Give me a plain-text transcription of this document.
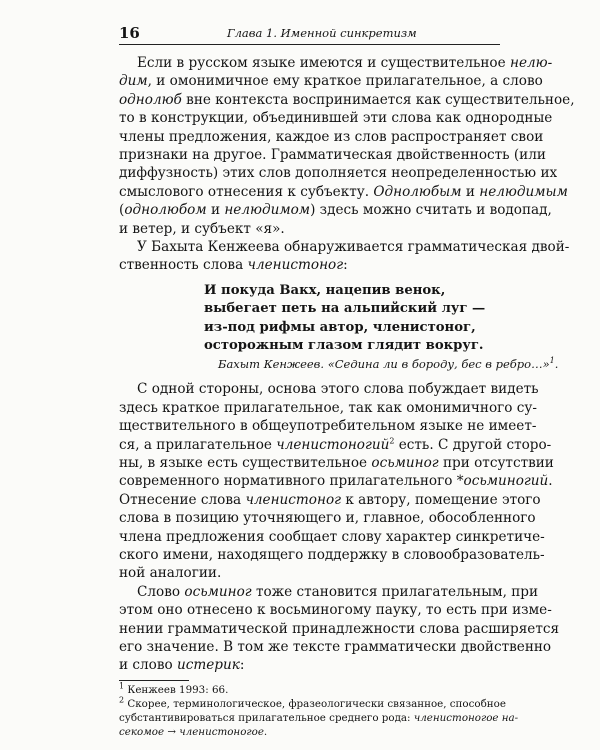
16	Глава 1. Именной синкретизм
Если в русском языке имеются и существительное нелю-
дим, и омонимичное ему краткое прилагательное, а слово
однолюб вне контекста воспринимается как существительное,
то в конструкции, объединившей эти слова как однородные
члены предложения, каждое из слов распространяет свои
признаки на другое. Грамматическая двойственность (или
диффузность) этих слов дополняется неопределенностью их
смыслового отнесения к субъекту. Однолюбым и нелюдимым
(однолюбом и нелюдимом) здесь можно считать и водопад,
и ветер, и субъект «я».
У Бахыта Кенжеева обнаруживается грамматическая двой-
ственность слова членистоног:
И покуда Вакх, нацепив венок,
выбегает петь на альпийский луг —
из-под рифмы автор, членистоног,
осторожным глазом глядит вокруг.
Бахыт Кенжеев. «Седина ли в бороду, бес в ребро…»$^1$.
С одной стороны, основа этого слова побуждает видеть
здесь краткое прилагательное, так как омонимичного су-
ществительного в общеупотребительном языке не имеет-
ся, а прилагательное членистоногий$^2$ есть. С другой сторо-
ны, в языке есть существительное осьминог при отсутствии
современного нормативного прилагательного *осьминогий.
Отнесение слова членистоног к автору, помещение этого
слова в позицию уточняющего и, главное, обособленного
члена предложения сообщает слову характер синкретиче-
ского имени, находящего поддержку в словообразователь-
ной аналогии.
Слово осьминог тоже становится прилагательным, при
этом оно отнесено к восьминогому пауку, то есть при изме-
нении грамматической принадлежности слова расширяется
его значение. В том же тексте грамматически двойственно
и слово истерик:
$^1$ Кенжеев 1993: 66.
$^2$ Скорее, терминологическое, фразеологически связанное, способное
субстантивироваться прилагательное среднего рода: членистоногое на-
секомое → членистоногое.
